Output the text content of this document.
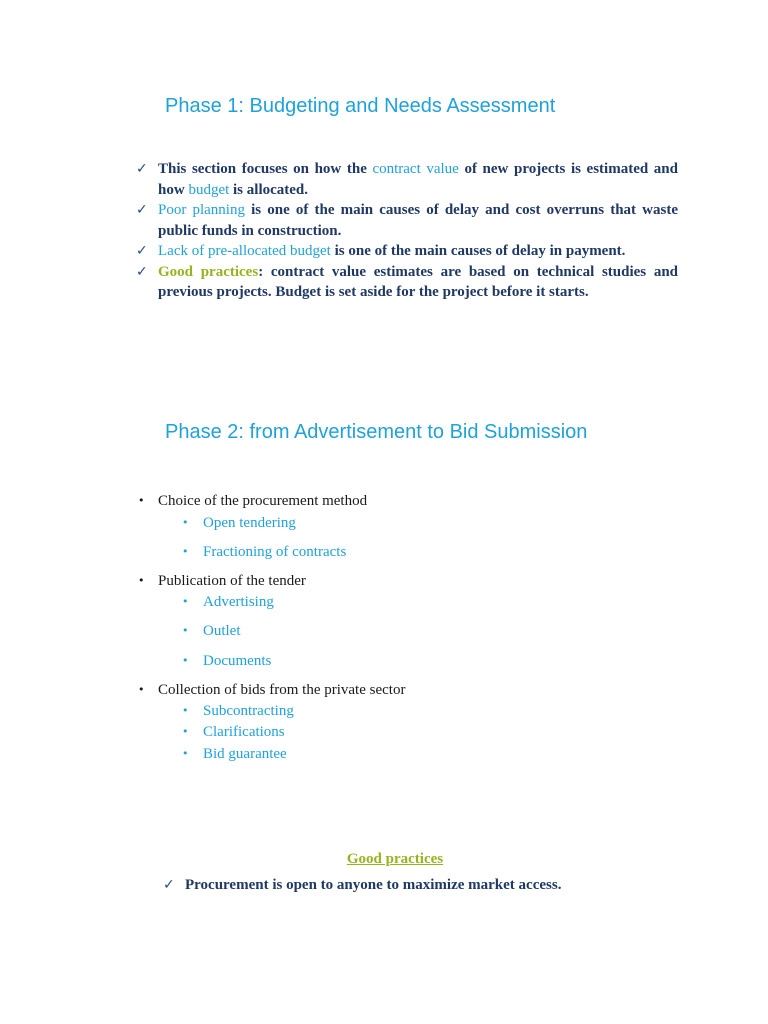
Phase 1: Budgeting and Needs Assessment
✓ This section focuses on how the contract value of new projects is estimated and how budget is allocated.
✓ Poor planning is one of the main causes of delay and cost overruns that waste public funds in construction.
✓ Lack of pre-allocated budget is one of the main causes of delay in payment.
✓ Good practices: contract value estimates are based on technical studies and previous projects. Budget is set aside for the project before it starts.
Phase 2: from Advertisement to Bid Submission
• Choice of the procurement method
• Open tendering
• Fractioning of contracts
• Publication of the tender
• Advertising
• Outlet
• Documents
• Collection of bids from the private sector
• Subcontracting
• Clarifications
• Bid guarantee

Good practices

✓ Procurement is open to anyone to maximize market access.
